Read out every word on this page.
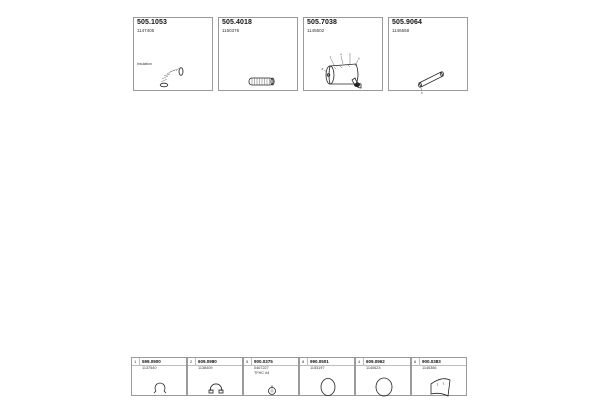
505.1053
1147405
Insulation
505.4018
1150376
505.7038
1145602
8
3
4 5
6
505.9064
1146558
5
1 599.0900
1137540
2 609.0980
1138409
5 900.0375
0467227
TFHC #4
8 990.0501
1153197
4 609.0962
1140623
6 900.0383
1145366
